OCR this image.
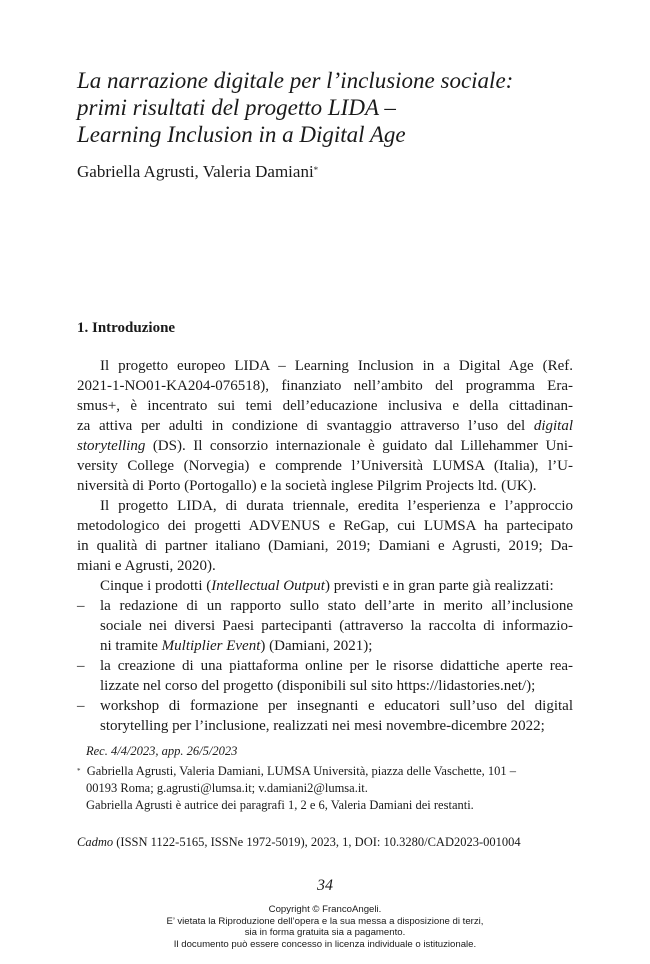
La narrazione digitale per l’inclusione sociale:
primi risultati del progetto LIDA –
Learning Inclusion in a Digital Age
Gabriella Agrusti, Valeria Damiani*
1. Introduzione
Il progetto europeo LIDA – Learning Inclusion in a Digital Age (Ref.
2021-1-NO01-KA204-076518), finanziato nell’ambito del programma Era-
smus+, è incentrato sui temi dell’educazione inclusiva e della cittadinan-
za attiva per adulti in condizione di svantaggio attraverso l’uso del digital
storytelling (DS). Il consorzio internazionale è guidato dal Lillehammer Uni-
versity College (Norvegia) e comprende l’Università LUMSA (Italia), l’U-
niversità di Porto (Portogallo) e la società inglese Pilgrim Projects ltd. (UK).
Il progetto LIDA, di durata triennale, eredita l’esperienza e l’approccio
metodologico dei progetti ADVENUS e ReGap, cui LUMSA ha partecipato
in qualità di partner italiano (Damiani, 2019; Damiani e Agrusti, 2019; Da-
miani e Agrusti, 2020).
Cinque i prodotti (Intellectual Output) previsti e in gran parte già realizzati:
– la redazione di un rapporto sullo stato dell’arte in merito all’inclusione
sociale nei diversi Paesi partecipanti (attraverso la raccolta di informazio-
ni tramite Multiplier Event) (Damiani, 2021);
– la creazione di una piattaforma online per le risorse didattiche aperte rea-
lizzate nel corso del progetto (disponibili sul sito https://lidastories.net/);
– workshop di formazione per insegnanti e educatori sull’uso del digital
storytelling per l’inclusione, realizzati nei mesi novembre-dicembre 2022;
Rec. 4/4/2023, app. 26/5/2023
* Gabriella Agrusti, Valeria Damiani, LUMSA Università, piazza delle Vaschette, 101 –
00193 Roma; g.agrusti@lumsa.it; v.damiani2@lumsa.it.
Gabriella Agrusti è autrice dei paragrafi 1, 2 e 6, Valeria Damiani dei restanti.
Cadmo (ISSN 1122-5165, ISSNe 1972-5019), 2023, 1, DOI: 10.3280/CAD2023-001004
34
Copyright © FrancoAngeli.
E’ vietata la Riproduzione dell’opera e la sua messa a disposizione di terzi,
sia in forma gratuita sia a pagamento.
Il documento può essere concesso in licenza individuale o istituzionale.
